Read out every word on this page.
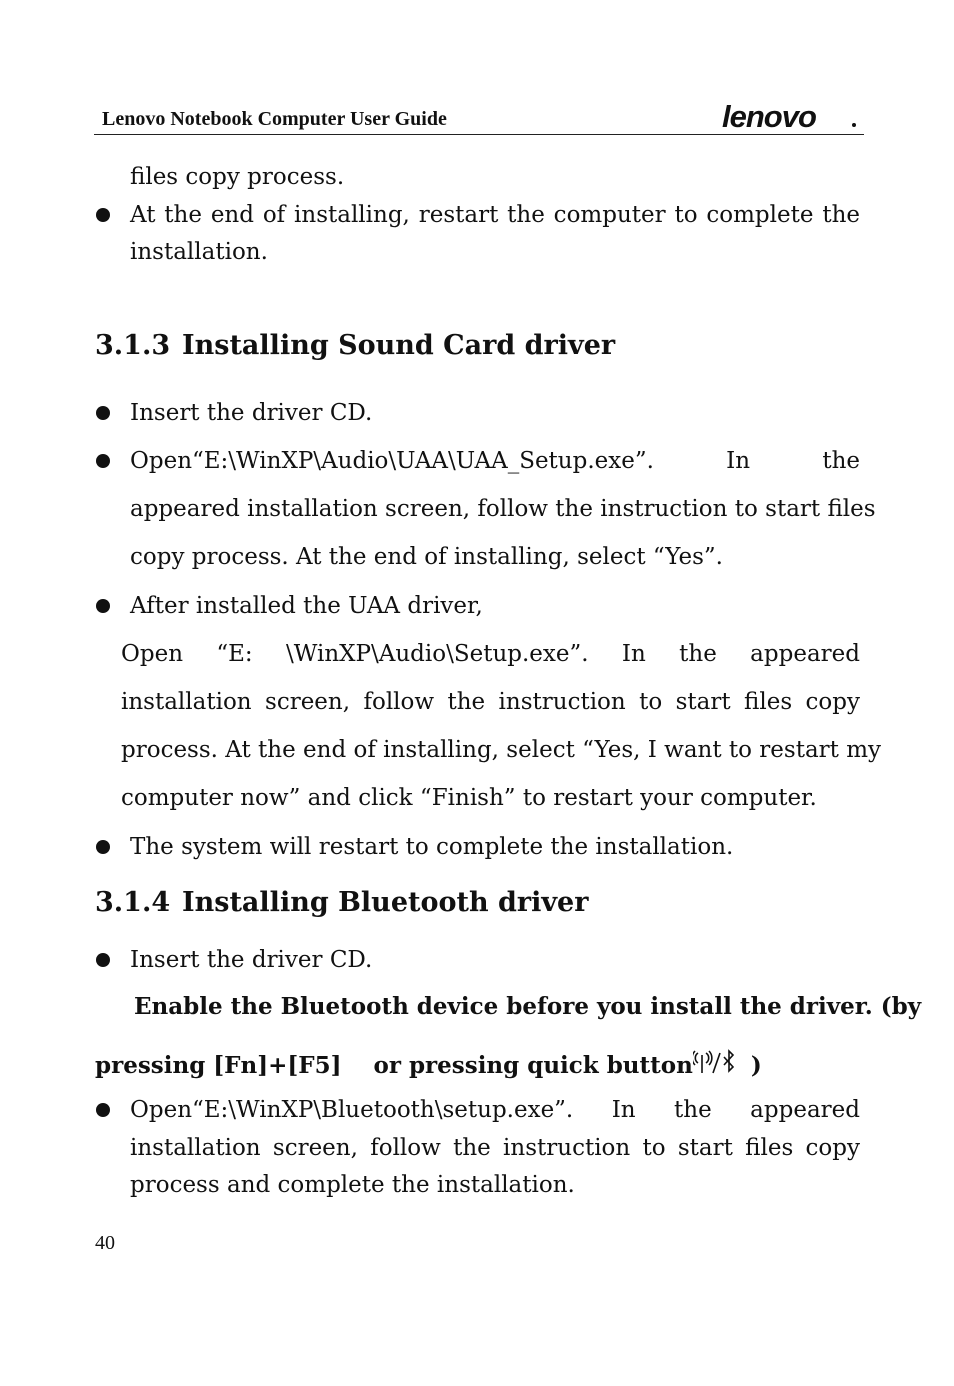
Lenovo Notebook Computer User Guide	lenovo
files copy process.
At the end of installing, restart the computer to complete the
installation.
3.1.3 Installing Sound Card driver
Insert the driver CD.
Open“E:\WinXP\Audio\UAA\UAA_Setup.exe”. In the
appeared installation screen, follow the instruction to start files
copy process. At the end of installing, select “Yes”.
After installed the UAA driver,
Open “E: \WinXP\Audio\Setup.exe”. In the appeared
installation screen, follow the instruction to start files copy
process. At the end of installing, select “Yes, I want to restart my
computer now” and click “Finish” to restart your computer.
The system will restart to complete the installation.
3.1.4 Installing Bluetooth driver
Insert the driver CD.
Enable the Bluetooth device before you install the driver. (by
pressing [Fn]+[F5]    or pressing quick button	)
Open“E:\WinXP\Bluetooth\setup.exe”. In the appeared
installation screen, follow the instruction to start files copy
process and complete the installation.
40
